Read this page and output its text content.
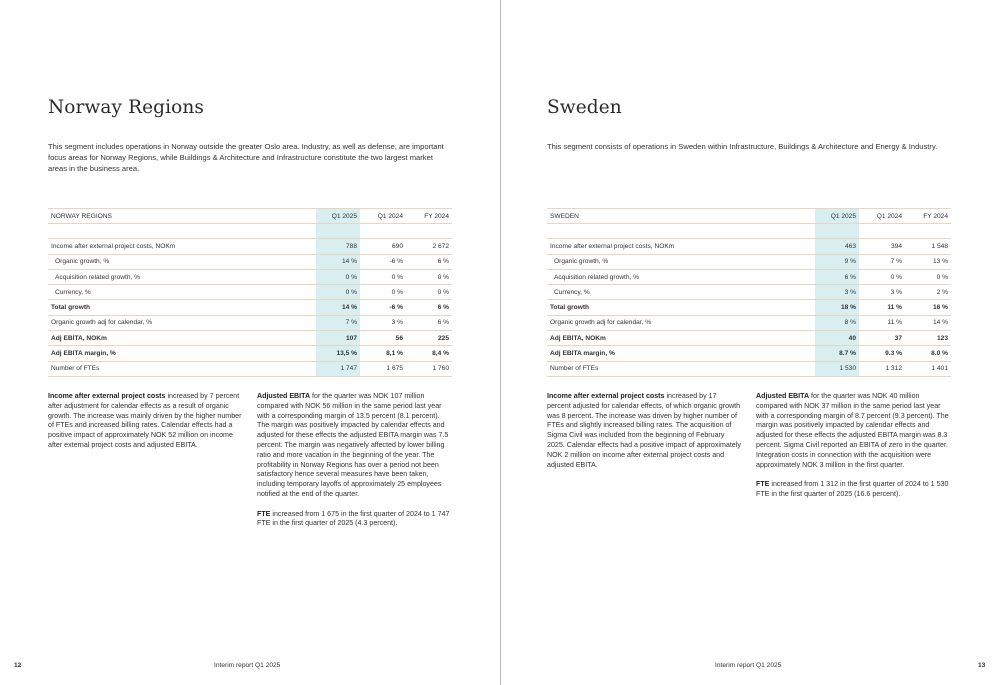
Norway Regions
This segment includes operations in Norway outside the greater Oslo area. Industry, as well as defense, are important focus areas for Norway Regions, while Buildings & Architecture and Infrastructure constitute the two largest market areas in the business area.
NORWAY REGIONS	Q1 2025	Q1 2024	FY 2024

Income after external project costs, NOKm	788	690	2 672
Organic growth, %	14 %	-6 %	6 %
Acquisition related growth, %	0 %	0 %	0 %
Currency, %	0 %	0 %	0 %
Total growth	14 %	-6 %	6 %
Organic growth adj for calendar, %	7 %	3 %	6 %
Adj EBITA, NOKm	107	56	225
Adj EBITA margin, %	13,5 %	8,1 %	8,4 %
Number of FTEs	1 747	1 675	1 760

Income after external project costs increased by 7 percent after adjustment for calendar effects as a result of organic growth. The increase was mainly driven by the higher number of FTEs and increased billing rates. Calendar effects had a positive impact of approximately NOK 52 million on income after external project costs and adjusted EBITA.

Adjusted EBITA for the quarter was NOK 107 million compared with NOK 56 million in the same period last year with a corresponding margin of 13.5 percent (8.1 percent). The margin was positively impacted by calendar effects and adjusted for these effects the adjusted EBITA margin was 7.5 percent. The margin was negatively affected by lower billing ratio and more vacation in the beginning of the year. The profitability in Norway Regions has over a period not been satisfactory hence several measures have been taken, including temporary layoffs of approximately 25 employees notified at the end of the quarter.

FTE increased from 1 675 in the first quarter of 2024 to 1 747 FTE in the first quarter of 2025 (4.3 percent).

12	Interim report Q1 2025
Sweden
This segment consists of operations in Sweden within Infrastructure, Buildings & Architecture and Energy & Industry.
SWEDEN	Q1 2025	Q1 2024	FY 2024

Income after external project costs, NOKm	463	394	1 548
Organic growth, %	9 %	7 %	13 %
Acquisition related growth, %	6 %	0 %	0 %
Currency, %	3 %	3 %	2 %
Total growth	18 %	11 %	16 %
Organic growth adj for calendar, %	8 %	11 %	14 %
Adj EBITA, NOKm	40	37	123
Adj EBITA margin, %	8.7 %	9.3 %	8.0 %
Number of FTEs	1 530	1 312	1 401

Income after external project costs increased by 17 percent adjusted for calendar effects, of which organic growth was 8 percent. The increase was driven by higher number of FTEs and slightly increased billing rates. The acquisition of Sigma Civil was included from the beginning of February 2025. Calendar effects had a positive impact of approximately NOK 2 million on income after external project costs and adjusted EBITA.

Adjusted EBITA for the quarter was NOK 40 million compared with NOK 37 million in the same period last year with a corresponding margin of 8.7 percent (9.3 percent). The margin was positively impacted by calendar effects and adjusted for these effects the adjusted EBITA margin was 8.3 percent. Sigma Civil reported an EBITA of zero in the quarter. Integration costs in connection with the acquisition were approximately NOK 3 million in the first quarter.

FTE increased from 1 312 in the first quarter of 2024 to 1 530 FTE in the first quarter of 2025 (16.6 percent).

Interim report Q1 2025	13
